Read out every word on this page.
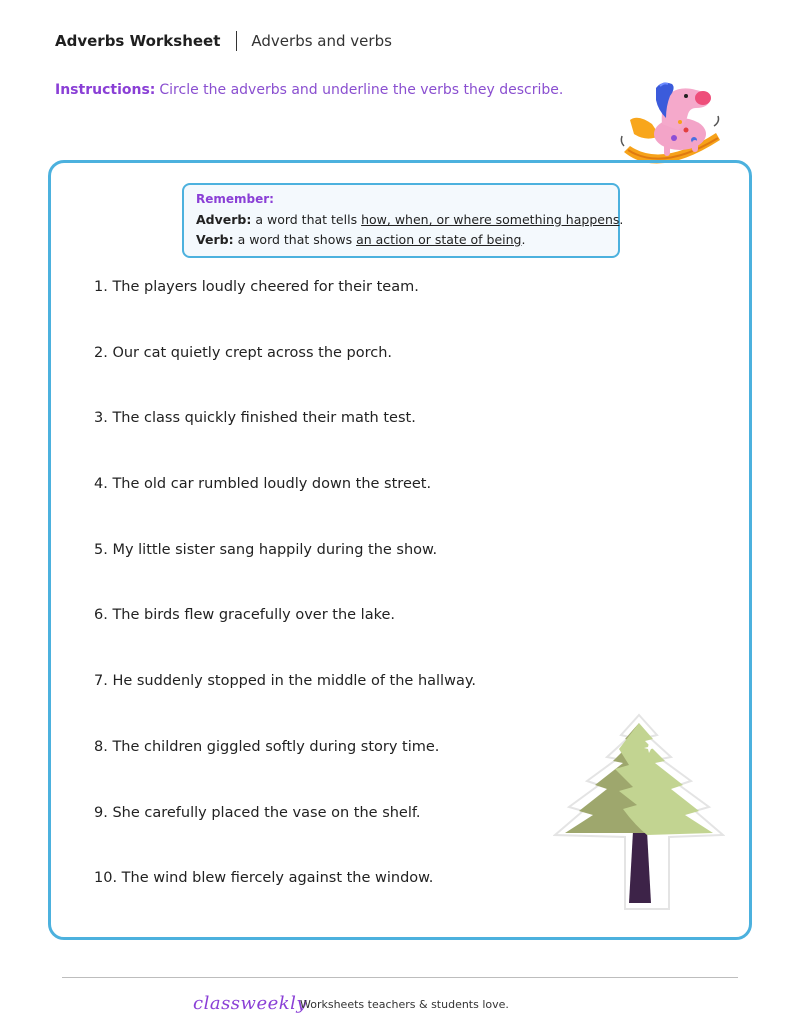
Adverbs Worksheet Adverbs and verbs
Instructions: Circle the adverbs and underline the verbs they describe.
Remember:
Adverb: a word that tells how, when, or where something happens.
Verb: a word that shows an action or state of being.
1. The players loudly cheered for their team.
2. Our cat quietly crept across the porch.
3. The class quickly finished their math test.
4. The old car rumbled loudly down the street.
5. My little sister sang happily during the show.
6. The birds flew gracefully over the lake.
7. He suddenly stopped in the middle of the hallway.
8. The children giggled softly during story time.
9. She carefully placed the vase on the shelf.
10. The wind blew fiercely against the window.
classweekly
Worksheets teachers & students love.
